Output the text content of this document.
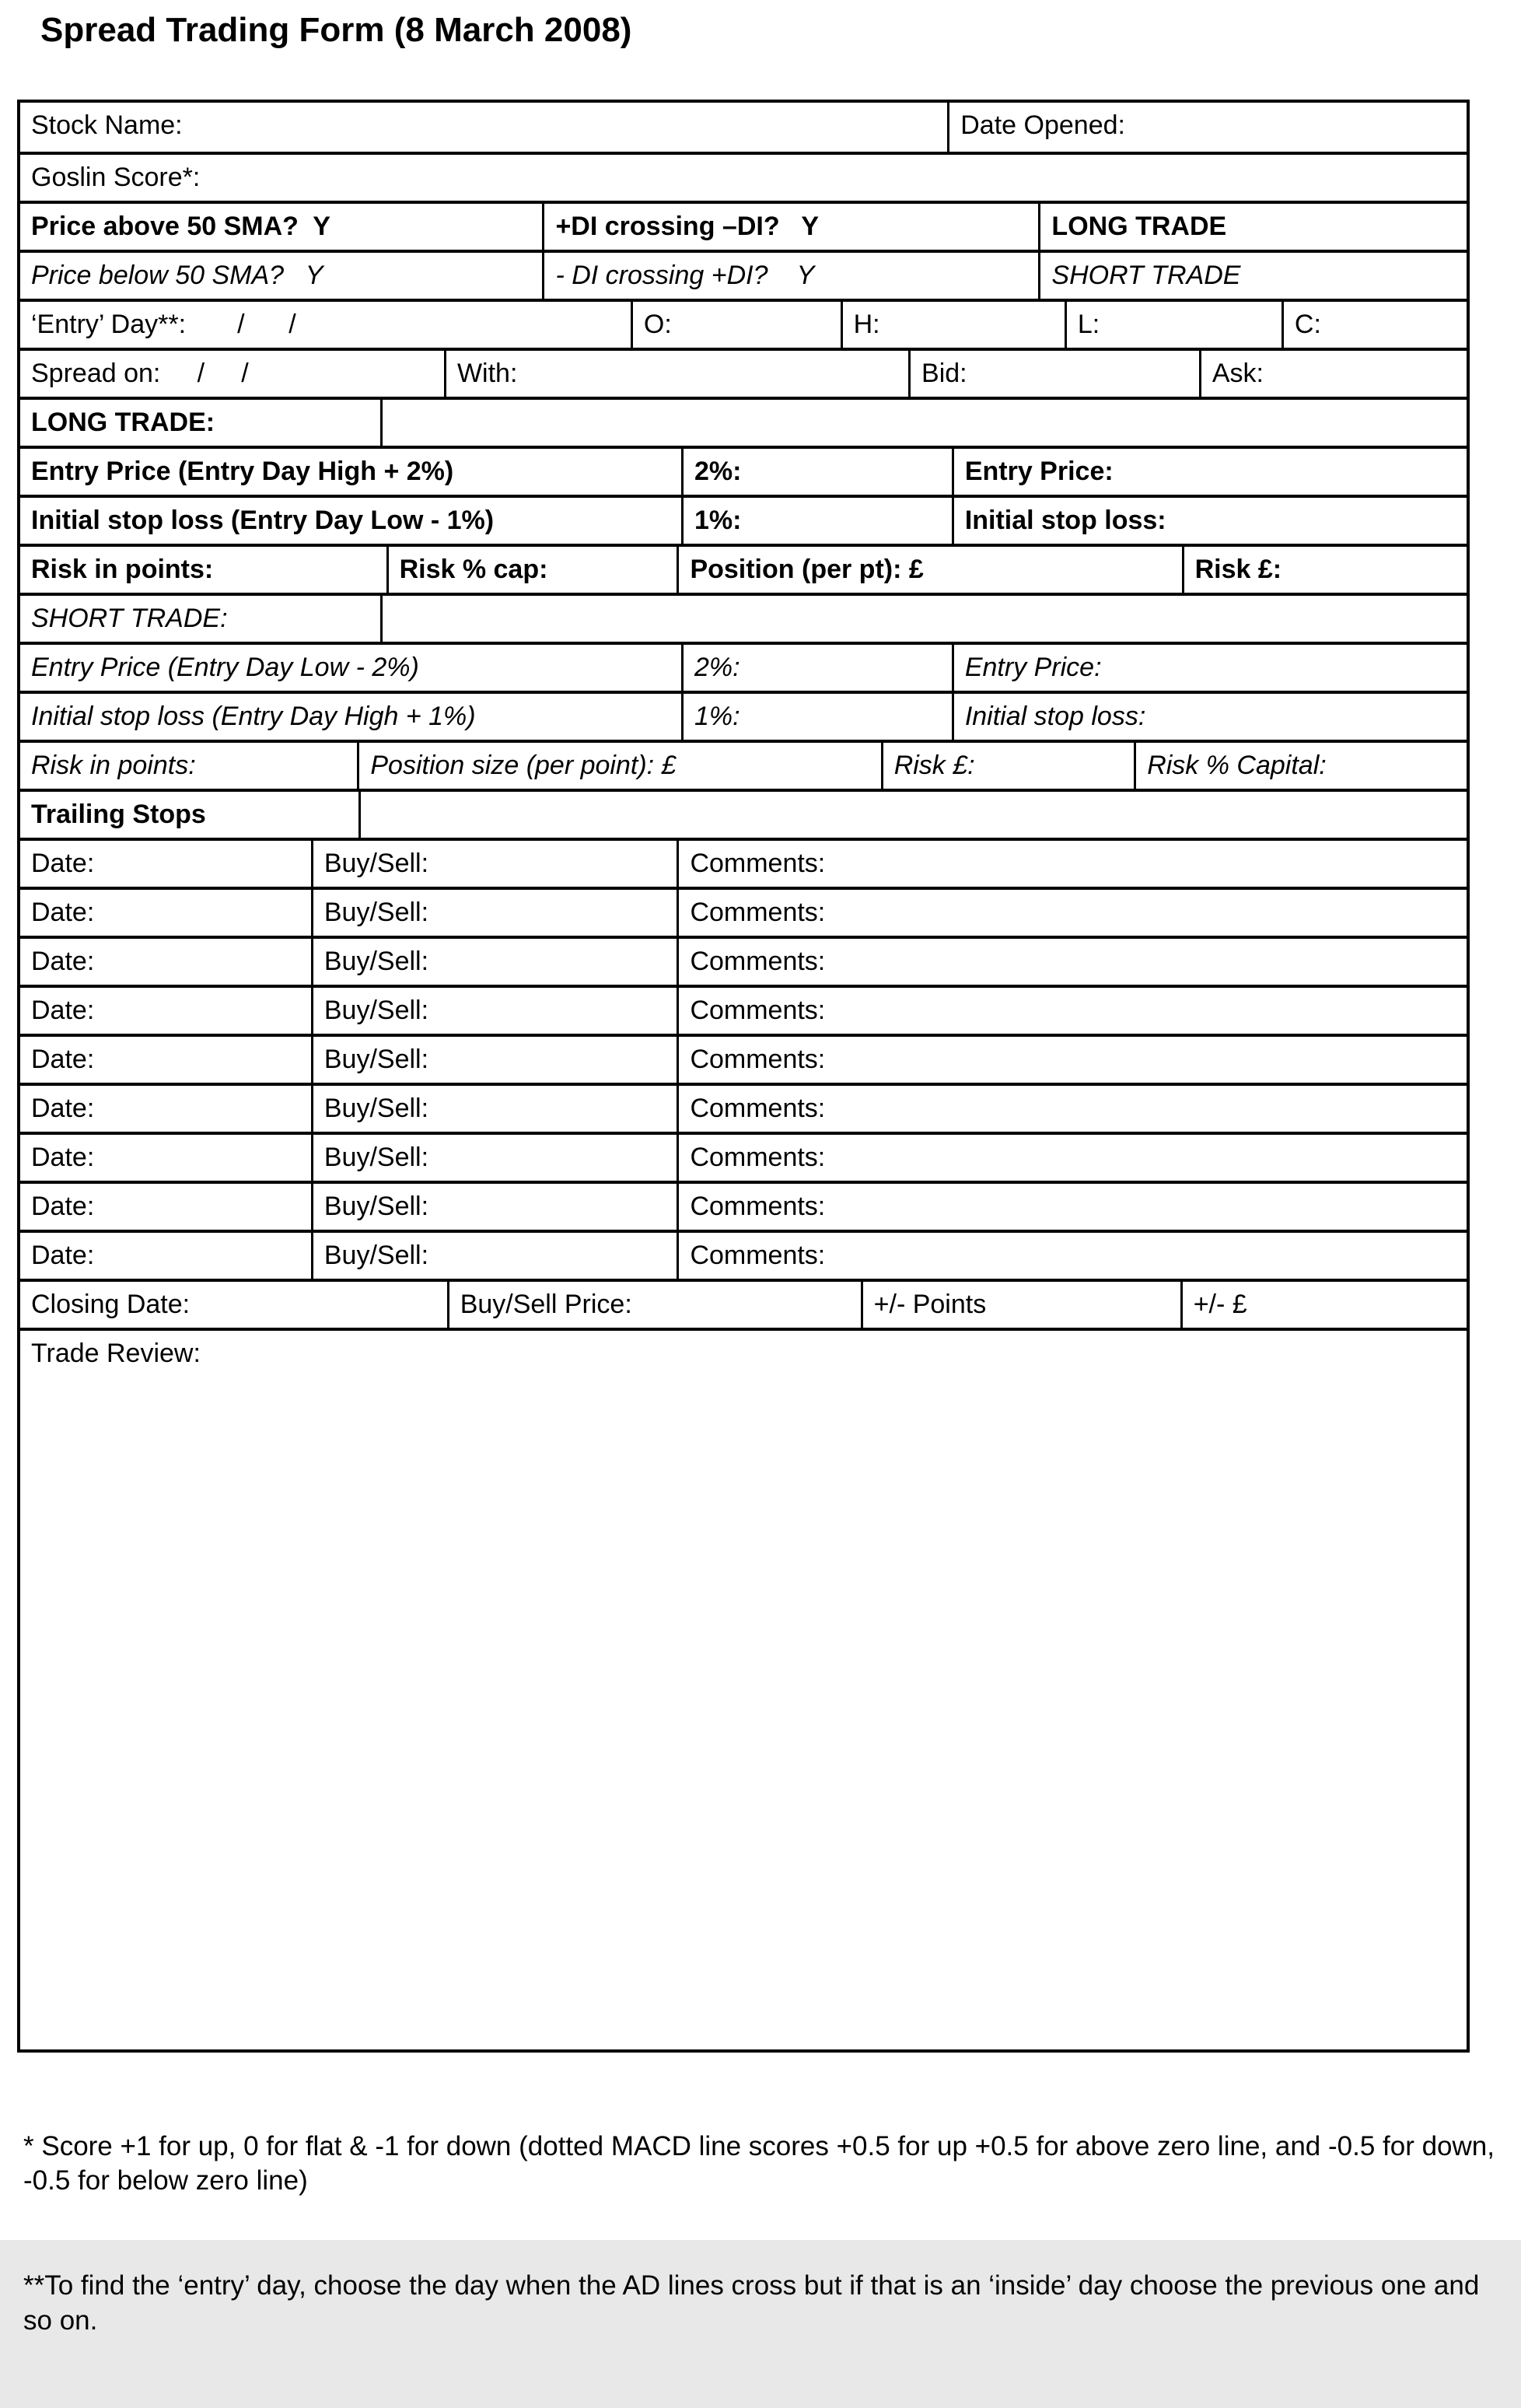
Spread Trading Form (8 March 2008)
Stock Name:	Date Opened:
Goslin Score*:
Price above 50 SMA?  Y	+DI crossing –DI?   Y	LONG TRADE
Price below 50 SMA?   Y	- DI crossing +DI?    Y	SHORT TRADE
‘Entry’ Day**:       /      /	O:	H:	L:	C:
Spread on:     /     /	With:	Bid:	Ask:
LONG TRADE:
Entry Price (Entry Day High + 2%)	2%:	Entry Price:
Initial stop loss (Entry Day Low - 1%)	1%:	Initial stop loss:
Risk in points:	Risk % cap:	Position (per pt): £	Risk £:
SHORT TRADE:
Entry Price (Entry Day Low - 2%)	2%:	Entry Price:
Initial stop loss (Entry Day High + 1%)	1%:	Initial stop loss:
Risk in points:	Position size (per point): £	Risk £:	Risk % Capital:
Trailing Stops
Date:	Buy/Sell:	Comments:
Date:	Buy/Sell:	Comments:
Date:	Buy/Sell:	Comments:
Date:	Buy/Sell:	Comments:
Date:	Buy/Sell:	Comments:
Date:	Buy/Sell:	Comments:
Date:	Buy/Sell:	Comments:
Date:	Buy/Sell:	Comments:
Date:	Buy/Sell:	Comments:
Closing Date:	Buy/Sell Price:	+/- Points	+/- £
Trade Review:

* Score +1 for up, 0 for flat & -1 for down (dotted MACD line scores +0.5 for up +0.5 for above zero line, and -0.5 for down, -0.5 for below zero line)

**To find the ‘entry’ day, choose the day when the AD lines cross but if that is an ‘inside’ day choose the previous one and so on.
